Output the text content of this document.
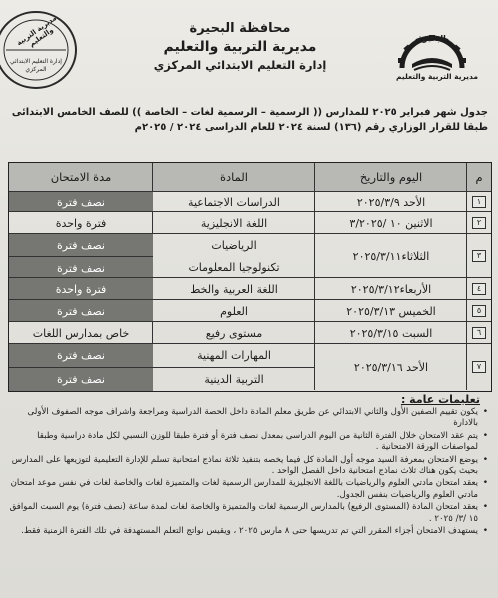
البحيرة
مديرية التربية والتعليم
مديرية التربية والتعليم
إدارة التعليم الابتدائي المركزي
محافظة البحيرة
مديرية التربية والتعليم
إدارة التعليم الابتدائي المركزي
جدول شهر فبراير ٢٠٢٥ للمدارس (( الرسمية – الرسمية لغات – الخاصة )) للصف الخامس الابتدائى
طبقا للقرار الوزاري رقم (١٣٦) لسنة ٢٠٢٤ للعام الدراسى ٢٠٢٤ / ٢٠٢٥م
م
اليوم والتاريخ
المادة
مدة الامتحان
١
الأحد ٢٠٢٥/٣/٩
الدراسات الاجتماعية
نصف فترة
٢
الاثنين ١٠ /٣/٢٠٢٥
اللغة الانجليزية
فترة واحدة
٣
الثلاثاء٢٠٢٥/٣/١١
الرياضيات
تكنولوجيا المعلومات
نصف فترة
نصف فترة
٤
الأربعاء٢٠٢٥/٣/١٢
اللغة العربية والخط
فترة واحدة
٥
الخميس ٢٠٢٥/٣/١٣
العلوم
نصف فترة
٦
السبت ٢٠٢٥/٣/١٥
مستوى رفيع
خاص بمدارس اللغات
٧
الأحد ٢٠٢٥/٣/١٦
المهارات المهنية
التربية الدينية
نصف فترة
نصف فترة
تعليمات عامة :
• يكون تقييم الصفين الأول والثاني الابتدائي عن طريق معلم المادة داخل الحصة الدراسية ومراجعة واشراف موجه الصفوف الأولى بالادارة
• يتم عقد الامتحان خلال الفترة الثانية من اليوم الدراسى بمعدل نصف فترة أو فترة طبقا للوزن النسبي لكل مادة دراسية وطبقا لمواصفات الورقة الامتحانية .
• يوضع الامتحان بمعرفة السيد موجه أول المادة كل فيما يخصه بتنفيذ ثلاثة نماذج امتحانية تسلم للإدارة التعليمية لتوزيعها على المدارس بحيث يكون هناك ثلاث نماذج امتحانية داخل الفصل الواحد .
• يعقد امتحان مادتي العلوم والرياضيات باللغة الانجليزية للمدارس الرسمية لغات والمتميزة لغات والخاصة لغات في نفس موعد امتحان مادتي العلوم والرياضيات بنفس الجدول.
• يعقد امتحان المادة (المستوى الرفيع) بالمدارس الرسمية لغات والمتميزة والخاصة لغات لمدة ساعة (نصف فترة) يوم السبت الموافق ١٥ /٣/ ٢٠٢٥ .
• يستهدف الامتحان أجزاء المقرر التي تم تدريسها حتى ٨ مارس ٢٠٢٥ ، ويقيس نواتج التعلم المستهدفة في تلك الفترة الزمنية فقط.
